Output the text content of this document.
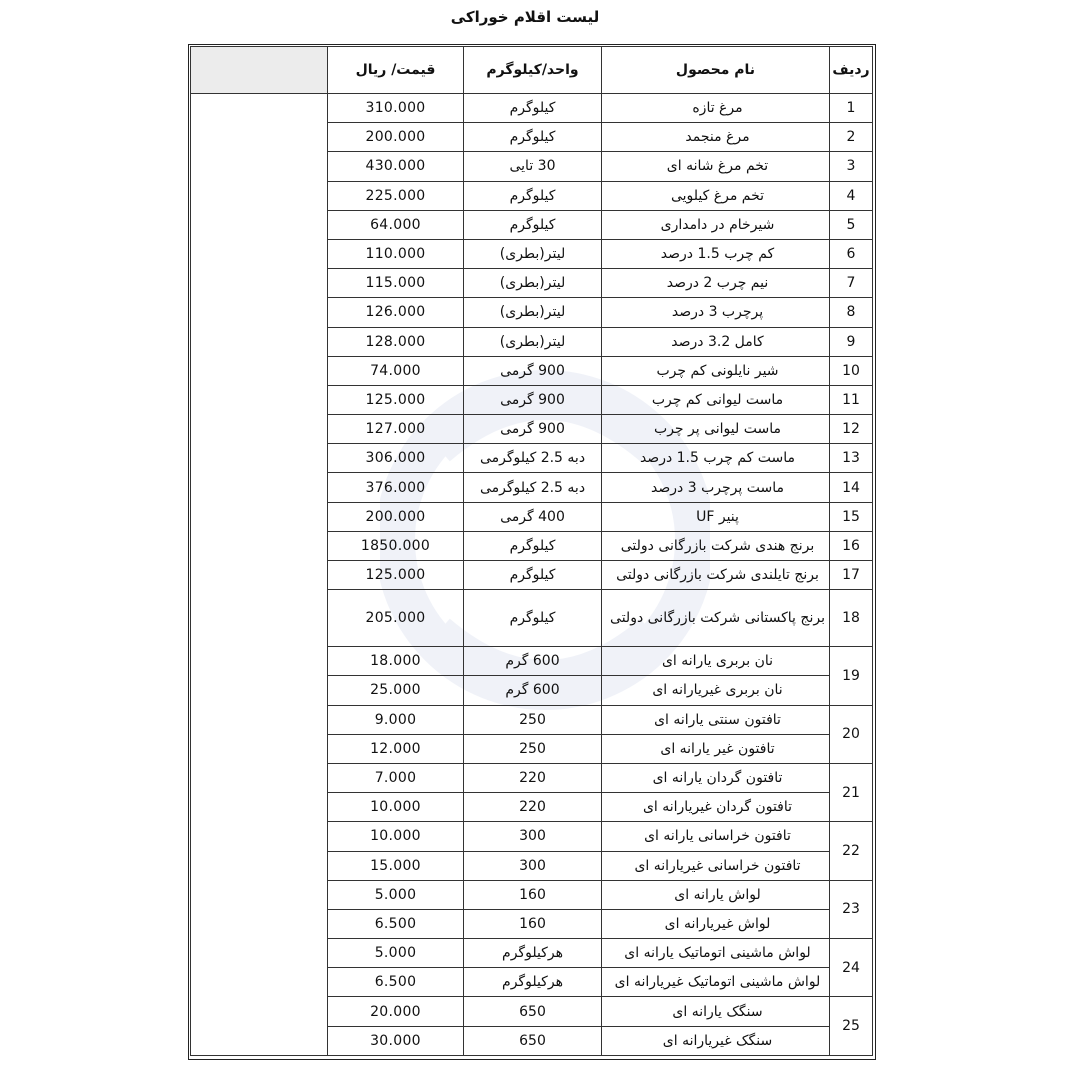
لیست اقلام خوراکی
ردیف	نام محصول	واحد/کیلوگرم	قیمت/ ریال	
1	مرغ تازه	کیلوگرم	310.000	
2	مرغ منجمد	کیلوگرم	200.000	
3	تخم مرغ شانه ای	30 تایی	430.000	
4	تخم مرغ کیلویی	کیلوگرم	225.000	
5	شیرخام در دامداری	کیلوگرم	64.000	
6	کم چرب 1.5 درصد	لیتر(بطری)	110.000	
7	نیم چرب 2 درصد	لیتر(بطری)	115.000	
8	پرچرب 3 درصد	لیتر(بطری)	126.000	
9	کامل 3.2 درصد	لیتر(بطری)	128.000	
10	شیر نایلونی کم چرب	900 گرمی	74.000	
11	ماست لیوانی کم چرب	900 گرمی	125.000	
12	ماست لیوانی پر چرب	900 گرمی	127.000	
13	ماست کم چرب 1.5 درصد	دبه 2.5 کیلوگرمی	306.000	
14	ماست پرچرب 3 درصد	دبه 2.5 کیلوگرمی	376.000	
15	پنیر UF	400 گرمی	200.000	
16	برنج هندی شرکت بازرگانی دولتی	کیلوگرم	1850.000	
17	برنج تایلندی شرکت بازرگانی دولتی	کیلوگرم	125.000	
18	برنج پاکستانی شرکت بازرگانی دولتی	کیلوگرم	205.000	
19	نان بربری یارانه ای	600 گرم	18.000	
	نان بربری غیریارانه ای	600 گرم	25.000	
20	تافتون سنتی یارانه ای	250	9.000	
	تافتون غیر یارانه ای	250	12.000	
21	تافتون گردان یارانه ای	220	7.000	
	تافتون گردان غیریارانه ای	220	10.000	
22	تافتون خراسانی یارانه ای	300	10.000	
	تافتون خراسانی غیریارانه ای	300	15.000	
23	لواش یارانه ای	160	5.000	
	لواش غیریارانه ای	160	6.500	
24	لواش ماشینی اتوماتیک یارانه ای	هرکیلوگرم	5.000	
	لواش ماشینی اتوماتیک غیریارانه ای	هرکیلوگرم	6.500	
25	سنگک یارانه ای	650	20.000	
	سنگک غیریارانه ای	650	30.000	
